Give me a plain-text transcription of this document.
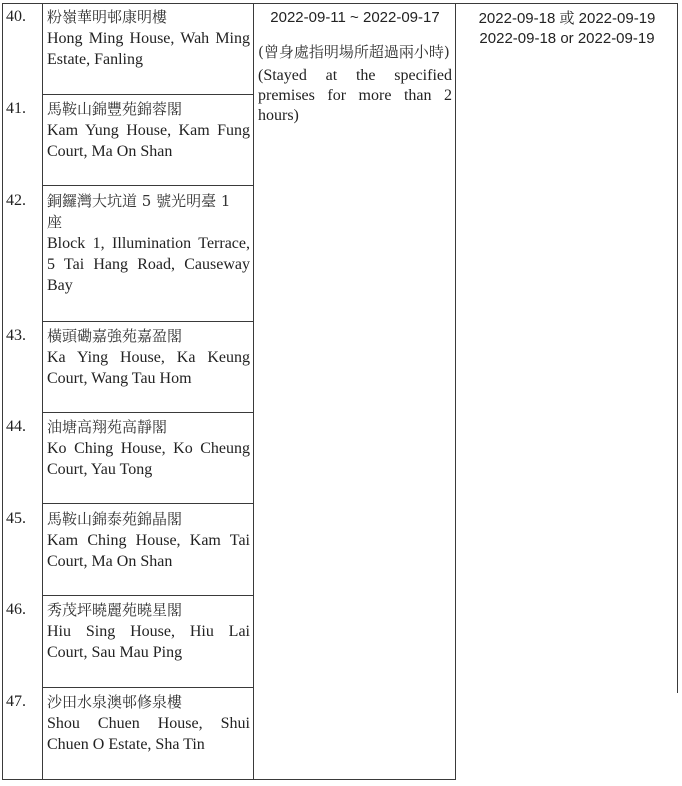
40.
41.
42.
43.
44.
45.
46.
47.
粉嶺華明邨康明樓
Hong Ming House, Wah Ming Estate, Fanling
馬鞍山錦豐苑錦蓉閣
Kam Yung House, Kam Fung Court, Ma On Shan
銅鑼灣大坑道 5 號光明臺 1 座
Block 1, Illumination Terrace, 5 Tai Hang Road, Causeway Bay
橫頭磡嘉強苑嘉盈閣
Ka Ying House, Ka Keung Court, Wang Tau Hom
油塘高翔苑高靜閣
Ko Ching House, Ko Cheung Court, Yau Tong
馬鞍山錦泰苑錦晶閣
Kam Ching House, Kam Tai Court, Ma On Shan
秀茂坪曉麗苑曉星閣
Hiu Sing House, Hiu Lai Court, Sau Mau Ping
沙田水泉澳邨修泉樓
Shou Chuen House, Shui Chuen O Estate, Sha Tin
2022-09-11 ~ 2022-09-17
(曾身處指明場所超過兩小時)
(Stayed at the specified premises for more than 2 hours)
2022-09-18 或 2022-09-19
2022-09-18 or 2022-09-19
